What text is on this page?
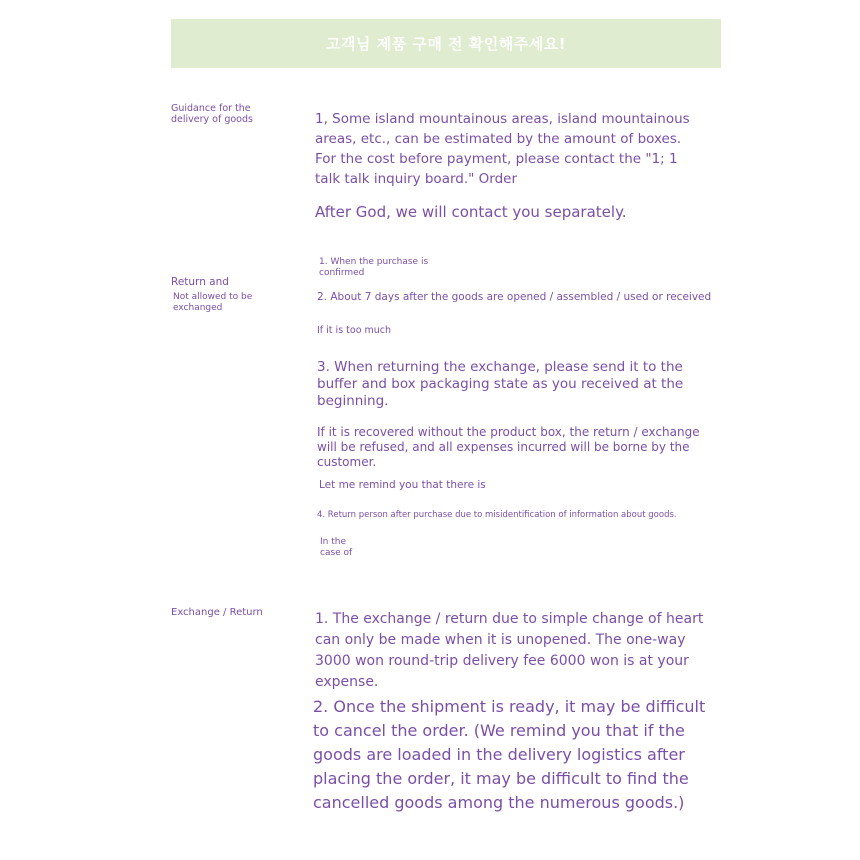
고객님 제품 구매 전 확인해주세요!
Guidance for the delivery of goods	1, Some island mountainous areas, island mountainous areas, etc., can be estimated by the amount of boxes. For the cost before payment, please contact the "1; 1 talk talk inquiry board." Order

After God, we will contact you separately.

Return and
Not allowed to be exchanged

1. When the purchase is confirmed

2. About 7 days after the goods are opened / assembled / used or received

If it is too much

3. When returning the exchange, please send it to the buffer and box packaging state as you received at the beginning.

If it is recovered without the product box, the return / exchange will be refused, and all expenses incurred will be borne by the customer.

Let me remind you that there is

4. Return person after purchase due to misidentification of information about goods.

In the case of

Exchange / Return	1. The exchange / return due to simple change of heart can only be made when it is unopened. The one-way 3000 won round-trip delivery fee 6000 won is at your expense.

2. Once the shipment is ready, it may be difficult to cancel the order. (We remind you that if the goods are loaded in the delivery logistics after placing the order, it may be difficult to find the cancelled goods among the numerous goods.)
